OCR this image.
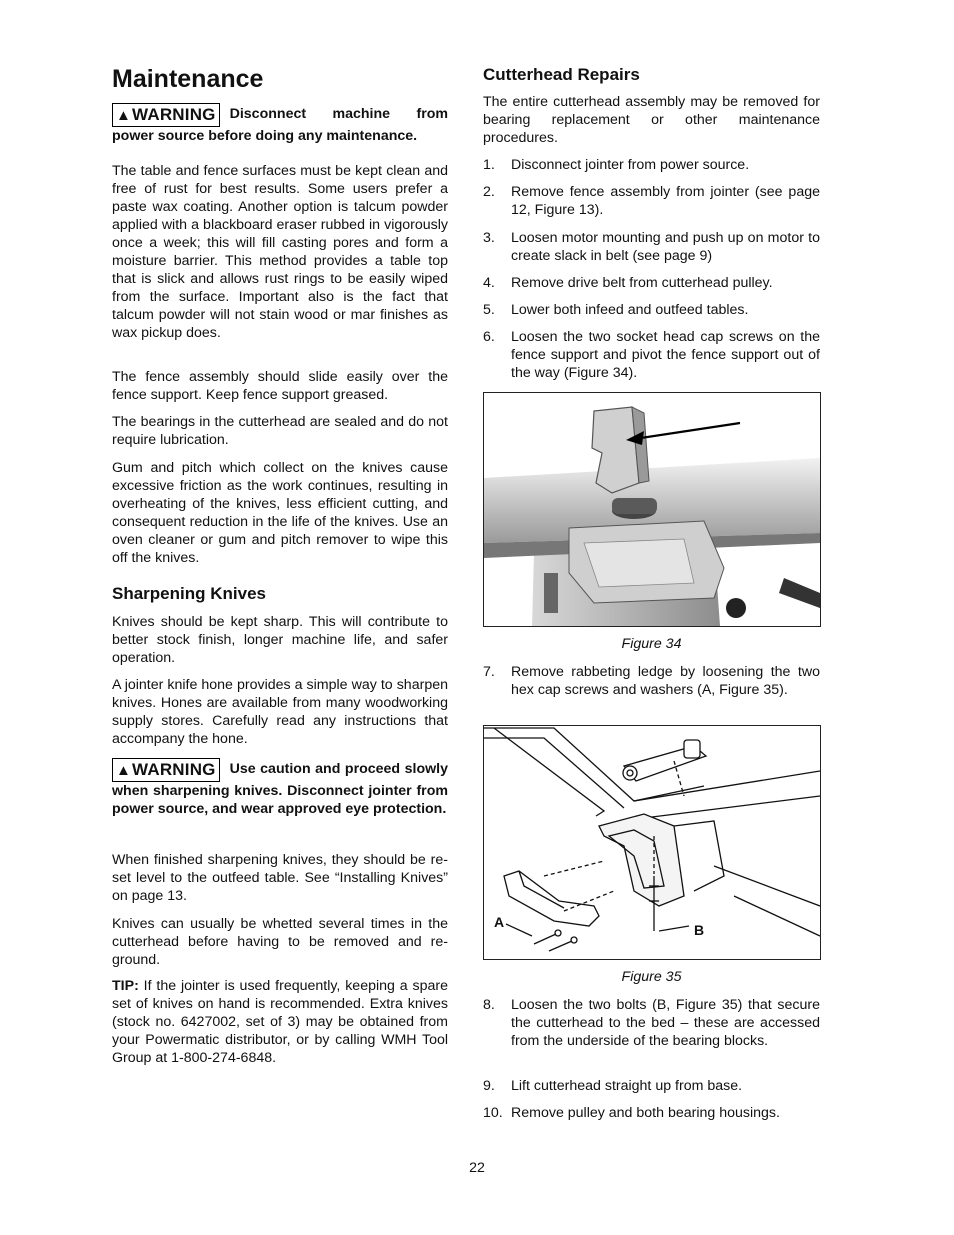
Maintenance

▲WARNING Disconnect machine from power source before doing any maintenance.

The table and fence surfaces must be kept clean and free of rust for best results. Some users prefer a paste wax coating. Another option is talcum powder applied with a blackboard eraser rubbed in vigorously once a week; this will fill casting pores and form a moisture barrier. This method provides a table top that is slick and allows rust rings to be easily wiped from the surface. Important also is the fact that talcum powder will not stain wood or mar finishes as wax pickup does.

The fence assembly should slide easily over the fence support. Keep fence support greased.

The bearings in the cutterhead are sealed and do not require lubrication.

Gum and pitch which collect on the knives cause excessive friction as the work continues, resulting in overheating of the knives, less efficient cutting, and consequent reduction in the life of the knives. Use an oven cleaner or gum and pitch remover to wipe this off the knives.

Sharpening Knives

Knives should be kept sharp. This will contribute to better stock finish, longer machine life, and safer operation.

A jointer knife hone provides a simple way to sharpen knives. Hones are available from many woodworking supply stores. Carefully read any instructions that accompany the hone.

▲WARNING Use caution and proceed slowly when sharpening knives. Disconnect jointer from power source, and wear approved eye protection.

When finished sharpening knives, they should be re-set level to the outfeed table. See “Installing Knives” on page 13.

Knives can usually be whetted several times in the cutterhead before having to be removed and re-ground.

TIP: If the jointer is used frequently, keeping a spare set of knives on hand is recommended. Extra knives (stock no. 6427002, set of 3) may be obtained from your Powermatic distributor, or by calling WMH Tool Group at 1-800-274-6848.

Cutterhead Repairs

The entire cutterhead assembly may be removed for bearing replacement or other maintenance procedures.

1. Disconnect jointer from power source.
2. Remove fence assembly from jointer (see page 12, Figure 13).
3. Loosen motor mounting and push up on motor to create slack in belt (see page 9)
4. Remove drive belt from cutterhead pulley.
5. Lower both infeed and outfeed tables.
6. Loosen the two socket head cap screws on the fence support and pivot the fence support out of the way (Figure 34).
Figure 34
7. Remove rabbeting ledge by loosening the two hex cap screws and washers (A, Figure 35).
A	B
Figure 35
8. Loosen the two bolts (B, Figure 35) that secure the cutterhead to the bed – these are accessed from the underside of the bearing blocks.
9. Lift cutterhead straight up from base.
10. Remove pulley and both bearing housings.
22
